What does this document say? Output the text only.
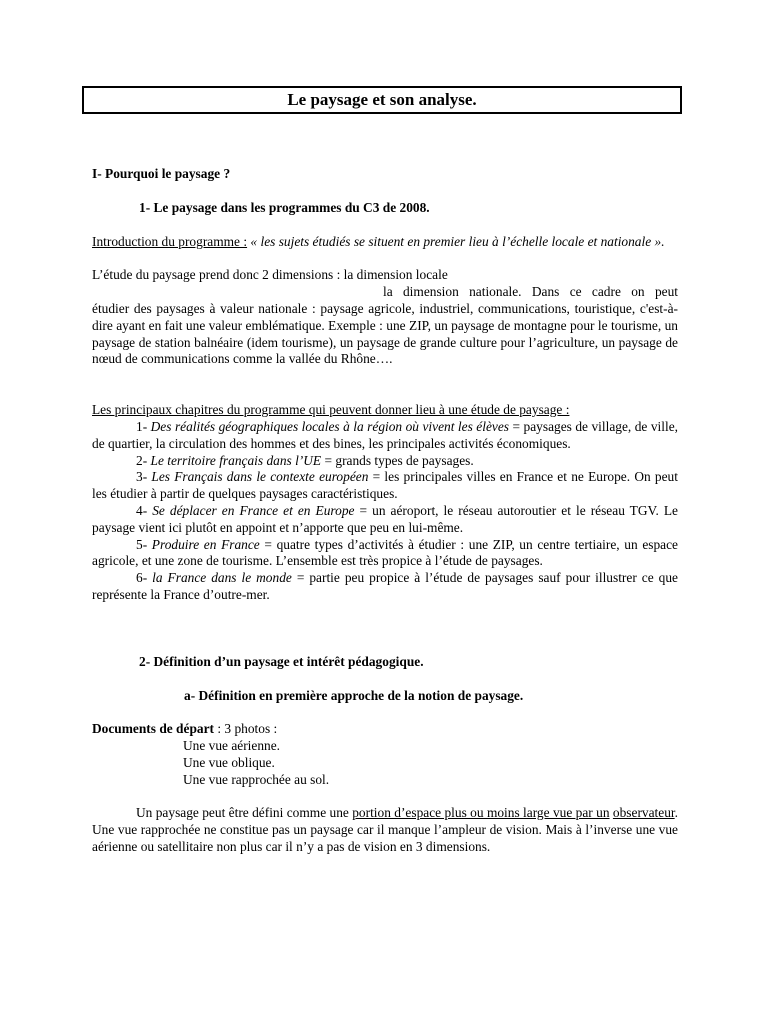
Le paysage et son analyse.
I- Pourquoi le paysage ?
1- Le paysage dans les programmes du C3 de 2008.
Introduction du programme : « les sujets étudiés se situent en premier lieu à l’échelle locale et nationale ».
L’étude du paysage prend donc 2 dimensions : la dimension locale
la dimension nationale. Dans ce cadre on peut
étudier des paysages à valeur nationale : paysage agricole, industriel, communications, touristique, c'est-à-dire ayant en fait une valeur emblématique. Exemple : une ZIP, un paysage de montagne pour le tourisme, un paysage de station balnéaire (idem tourisme), un paysage de grande culture pour l’agriculture, un paysage de nœud de communications comme la vallée du Rhône….
Les principaux chapitres du programme qui peuvent donner lieu à une étude de paysage :
1- Des réalités géographiques locales à la région où vivent les élèves = paysages de village, de ville, de quartier, la circulation des hommes et des bines, les principales activités économiques.
2- Le territoire français dans l’UE = grands types de paysages.
3- Les Français dans le contexte européen = les principales villes en France et ne Europe. On peut les étudier à partir de quelques paysages caractéristiques.
4- Se déplacer en France et en Europe = un aéroport, le réseau autoroutier et le réseau TGV. Le paysage vient ici plutôt en appoint et n’apporte que peu en lui-même.
5- Produire en France = quatre types d’activités à étudier : une ZIP, un centre tertiaire, un espace agricole, et une zone de tourisme. L’ensemble est très propice à l’étude de paysages.
6- la France dans le monde = partie peu propice à l’étude de paysages sauf pour illustrer ce que représente la France d’outre-mer.
2- Définition d’un paysage et intérêt pédagogique.
a- Définition en première approche de la notion de paysage.
Documents de départ : 3 photos :
Une vue aérienne.
Une vue oblique.
Une vue rapprochée au sol.
Un paysage peut être défini comme une portion d’espace plus ou moins large vue par un observateur. Une vue rapprochée ne constitue pas un paysage car il manque l’ampleur de vision. Mais à l’inverse une vue aérienne ou satellitaire non plus car il n’y a pas de vision en 3 dimensions.
